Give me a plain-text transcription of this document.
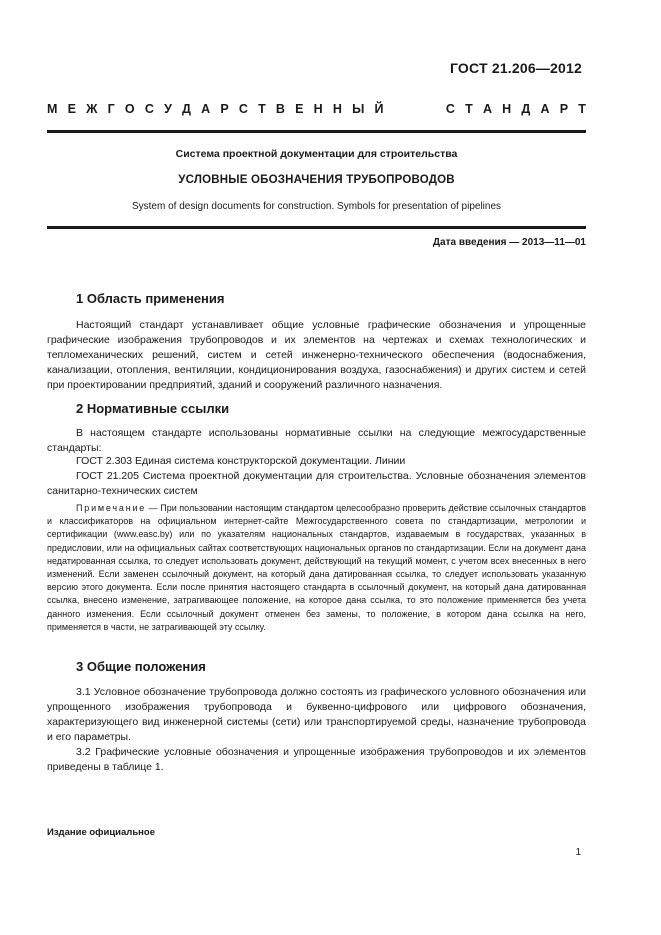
ГОСТ 21.206—2012
М Е Ж Г О С У Д А Р С Т В Е Н Н Ы Й	С Т А Н Д А Р Т
Система проектной документации для строительства
УСЛОВНЫЕ ОБОЗНАЧЕНИЯ ТРУБОПРОВОДОВ
System of design documents for construction. Symbols for presentation of pipelines
Дата введения — 2013—11—01
1 Область применения
Настоящий стандарт устанавливает общие условные графические обозначения и упрощенные графические изображения трубопроводов и их элементов на чертежах и схемах технологических и тепломеханических решений, систем и сетей инженерно-технического обеспечения (водоснабжения, канализации, отопления, вентиляции, кондиционирования воздуха, газоснабжения) и других систем и сетей при проектировании предприятий, зданий и сооружений различного назначения.
2 Нормативные ссылки
В настоящем стандарте использованы нормативные ссылки на следующие межгосударственные стандарты:
ГОСТ 2.303 Единая система конструкторской документации. Линии
ГОСТ 21.205 Система проектной документации для строительства. Условные обозначения элементов санитарно-технических систем
Примечание — При пользовании настоящим стандартом целесообразно проверить действие ссылочных стандартов и классификаторов на официальном интернет-сайте Межгосударственного совета по стандартизации, метрологии и сертификации (www.easc.by) или по указателям национальных стандартов, издаваемым в государствах, указанных в предисловии, или на официальных сайтах соответствующих национальных органов по стандартизации. Если на документ дана недатированная ссылка, то следует использовать документ, действующий на текущий момент, с учетом всех внесенных в него изменений. Если заменен ссылочный документ, на который дана датированная ссылка, то следует использовать указанную версию этого документа. Если после принятия настоящего стандарта в ссылочный документ, на который дана датированная ссылка, внесено изменение, затрагивающее положение, на которое дана ссылка, то это положение применяется без учета данного изменения. Если ссылочный документ отменен без замены, то положение, в котором дана ссылка на него, применяется в части, не затрагивающей эту ссылку.
3 Общие положения
3.1 Условное обозначение трубопровода должно состоять из графического условного обозначения или упрощенного изображения трубопровода и буквенно-цифрового или цифрового обозначения, характеризующего вид инженерной системы (сети) или транспортируемой среды, назначение трубопровода и его параметры.
3.2 Графические условные обозначения и упрощенные изображения трубопроводов и их элементов приведены в таблице 1.
Издание официальное
1
